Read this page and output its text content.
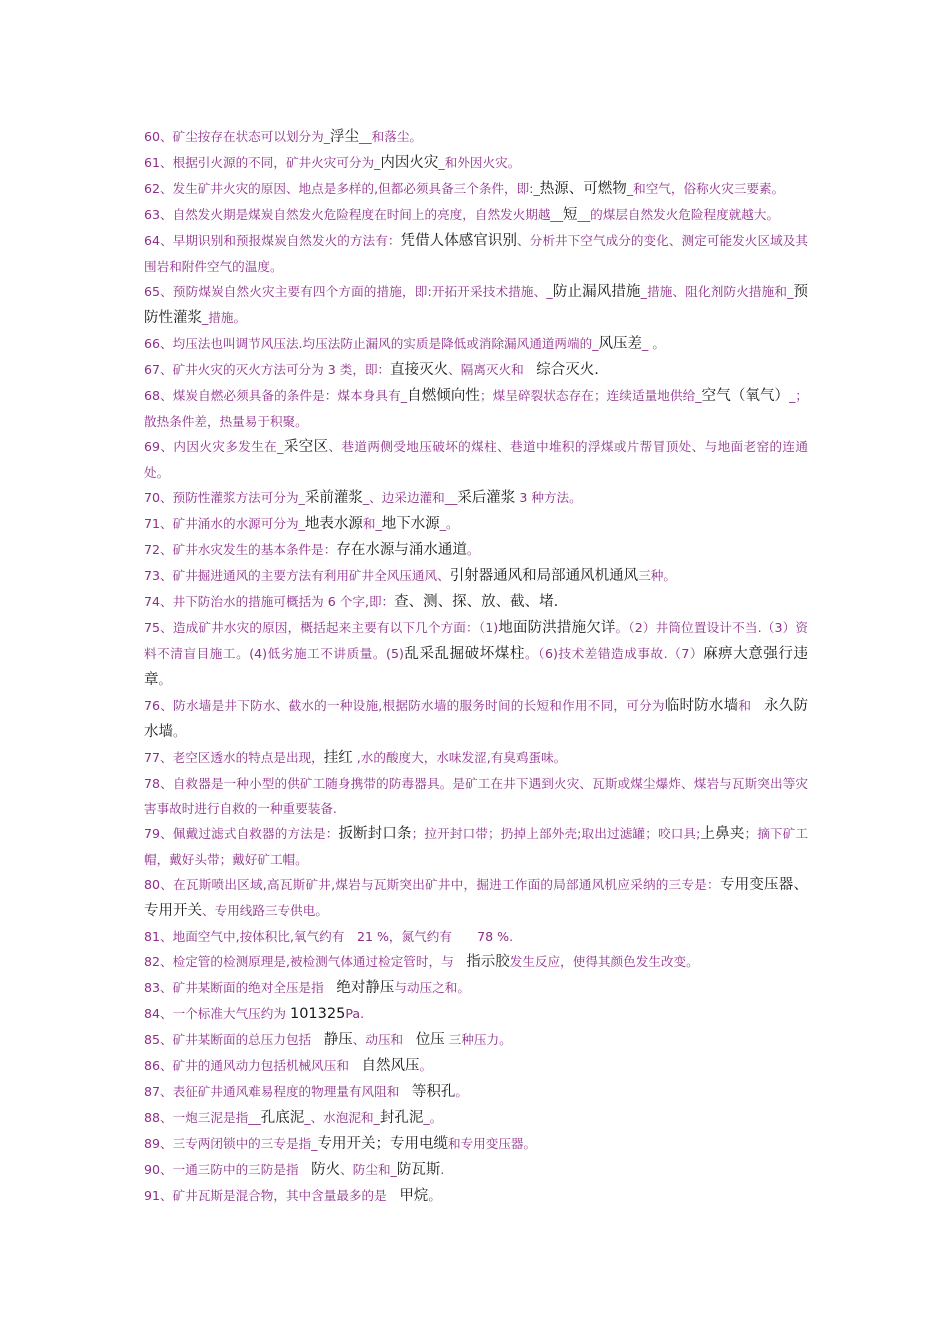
60、矿尘按存在状态可以划分为_浮尘__和落尘。

61、根据引火源的不同，矿井火灾可分为_内因火灾_和外因火灾。

62、发生矿井火灾的原因、地点是多样的,但都必须具备三个条件，即:_热源、可燃物_和空气，俗称火灾三要素。

63、自然发火期是煤炭自然发火危险程度在时间上的亮度，自然发火期越__短__的煤层自然发火危险程度就越大。

64、早期识别和预报煤炭自然发火的方法有：凭借人体感官识别、分析井下空气成分的变化、测定可能发火区域及其围岩和附件空气的温度。

65、预防煤炭自然火灾主要有四个方面的措施，即:开拓开采技术措施、_防止漏风措施_措施、阻化剂防火措施和_预防性灌浆_措施。

66、均压法也叫调节风压法.均压法防止漏风的实质是降低或消除漏风通道两端的_风压差_ 。

67、矿井火灾的灭火方法可分为 3 类，即：直接灭火、隔离灭火和　综合灭火.

68、煤炭自燃必须具备的条件是：煤本身具有_自燃倾向性；煤呈碎裂状态存在；连续适量地供给_空气（氧气）_；散热条件差，热量易于积聚。

69、内因火灾多发生在_采空区、巷道两侧受地压破坏的煤柱、巷道中堆积的浮煤或片帮冒顶处、与地面老窑的连通处。

70、预防性灌浆方法可分为_采前灌浆_、边采边灌和__采后灌浆 3 种方法。

71、矿井涌水的水源可分为_地表水源和_地下水源_。

72、矿井水灾发生的基本条件是：存在水源与涌水通道。

73、矿井掘进通风的主要方法有利用矿井全风压通风、引射器通风和局部通风机通风三种。

74、井下防治水的措施可概括为 6 个字,即：查、测、探、放、截、堵.

75、造成矿井水灾的原因，概括起来主要有以下几个方面：（1)地面防洪措施欠详。（2）井筒位置设计不当.（3）资料不清盲目施工。(4)低劣施工不讲质量。(5)乱采乱掘破坏煤柱。（6)技术差错造成事故.（7）麻痹大意强行违章。

76、防水墙是井下防水、截水的一种设施,根据防水墙的服务时间的长短和作用不同，可分为临时防水墙和　永久防水墙。

77、老空区透水的特点是出现，挂红 ,水的酸度大，水味发涩,有臭鸡蛋味。

78、自救器是一种小型的供矿工随身携带的防毒器具。是矿工在井下遇到火灾、瓦斯或煤尘爆炸、煤岩与瓦斯突出等灾害事故时进行自救的一种重要装备.

79、佩戴过滤式自救器的方法是：扳断封口条；拉开封口带；扔掉上部外壳;取出过滤罐；咬口具;上鼻夹；摘下矿工帽，戴好头带；戴好矿工帽。

80、在瓦斯喷出区域,高瓦斯矿井,煤岩与瓦斯突出矿井中，掘进工作面的局部通风机应采纳的三专是：专用变压器、专用开关、专用线路三专供电。

81、地面空气中,按体积比,氧气约有　21 %，氮气约有　　78 %.

82、检定管的检测原理是,被检测气体通过检定管时，与　指示胶发生反应，使得其颜色发生改变。

83、矿井某断面的绝对全压是指　绝对静压与动压之和。

84、一个标准大气压约为 101325Pa.

85、矿井某断面的总压力包括　静压、动压和　位压 三种压力。

86、矿井的通风动力包括机械风压和　自然风压。

87、表征矿井通风难易程度的物理量有风阻和　等积孔。

88、一炮三泥是指__孔底泥_、水泡泥和_封孔泥_。

89、三专两闭锁中的三专是指_专用开关；专用电缆和专用变压器。

90、一通三防中的三防是指　防火、防尘和_防瓦斯.

91、矿井瓦斯是混合物，其中含量最多的是　甲烷。
